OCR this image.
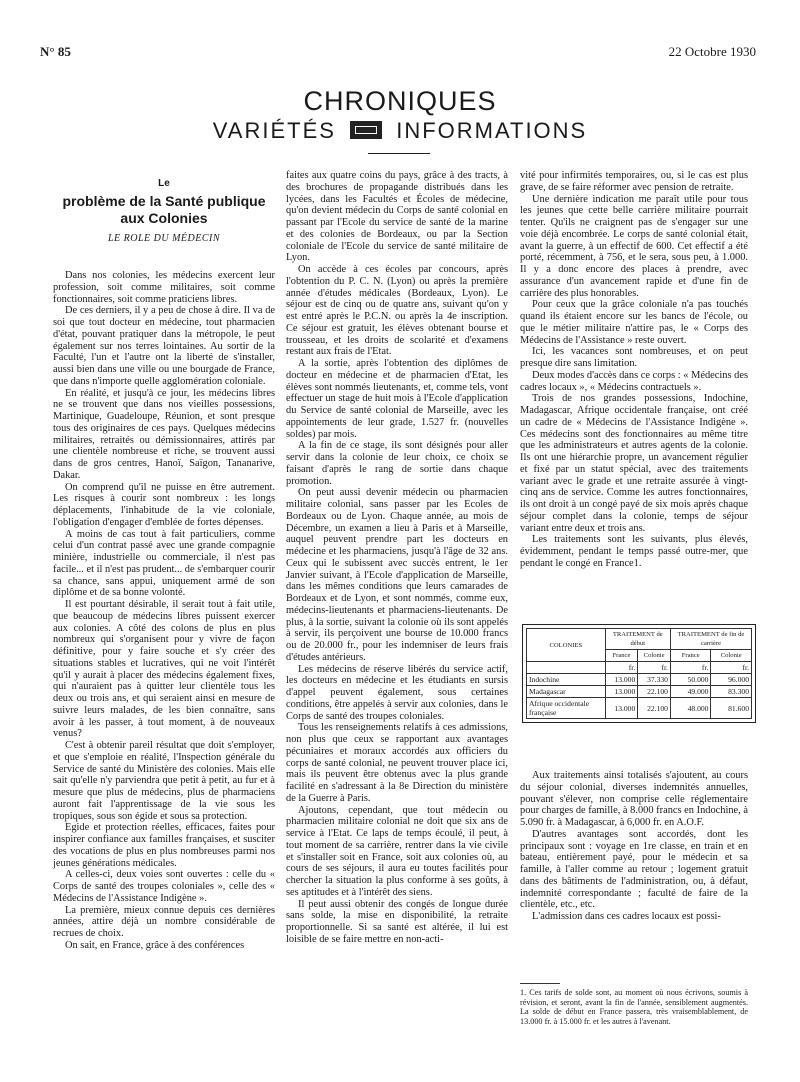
N° 85	22 Octobre 1930
CHRONIQUES
VARIÉTÉS	INFORMATIONS
Le
problème de la Santé publique aux Colonies
LE ROLE DU MÉDECIN

Dans nos colonies, les médecins exercent leur profession, soit comme militaires, soit comme fonctionnaires, soit comme praticiens libres.

De ces derniers, il y a peu de chose à dire. Il va de soi que tout docteur en médecine, tout pharmacien d'état, pouvant pratiquer dans la métropole, le peut également sur nos terres lointaines. Au sortir de la Faculté, l'un et l'autre ont la liberté de s'installer, aussi bien dans une ville ou une bourgade de France, que dans n'importe quelle agglomération coloniale.

En réalité, et jusqu'à ce jour, les médecins libres ne se trouvent que dans nos vieilles possessions, Martinique, Guadeloupe, Réunion, et sont presque tous des originaires de ces pays. Quelques médecins militaires, retraités ou démissionnaires, attirés par une clientèle nombreuse et riche, se trouvent aussi dans de gros centres, Hanoï, Saïgon, Tananarive, Dakar.

On comprend qu'il ne puisse en être autrement. Les risques à courir sont nombreux : les longs déplacements, l'inhabitude de la vie coloniale, l'obligation d'engager d'emblée de fortes dépenses.

A moins de cas tout à fait particuliers, comme celui d'un contrat passé avec une grande compagnie minière, industrielle ou commerciale, il n'est pas facile... et il n'est pas prudent... de s'embarquer courir sa chance, sans appui, uniquement armé de son diplôme et de sa bonne volonté.

Il est pourtant désirable, il serait tout à fait utile, que beaucoup de médecins libres puissent exercer aux colonies. A côté des colons de plus en plus nombreux qui s'organisent pour y vivre de façon définitive, pour y faire souche et s'y créer des situations stables et lucratives, qui ne voit l'intérêt qu'il y aurait à placer des médecins également fixes, qui n'auraient pas à quitter leur clientèle tous les deux ou trois ans, et qui seraient ainsi en mesure de suivre leurs malades, de les bien connaître, sans avoir à les passer, à tout moment, à de nouveaux venus?

C'est à obtenir pareil résultat que doit s'employer, et que s'emploie en réalité, l'Inspection générale du Service de santé du Ministère des colonies. Mais elle sait qu'elle n'y parviendra que petit à petit, au fur et à mesure que plus de médecins, plus de pharmaciens auront fait l'apprentissage de la vie sous les tropiques, sous son égide et sous sa protection.

Egide et protection réelles, efficaces, faites pour inspirer confiance aux familles françaises, et susciter des vocations de plus en plus nombreuses parmi nos jeunes générations médicales.

A celles-ci, deux voies sont ouvertes : celle du « Corps de santé des troupes coloniales », celle des « Médecins de l'Assistance Indigène ».

La première, mieux connue depuis ces dernières années, attire déjà un nombre considérable de recrues de choix.

On sait, en France, grâce à des conférences

faites aux quatre coins du pays, grâce à des tracts, à des brochures de propagande distribués dans les lycées, dans les Facultés et Écoles de médecine, qu'on devient médecin du Corps de santé colonial en passant par l'Ecole du service de santé de la marine et des colonies de Bordeaux, ou par la Section coloniale de l'Ecole du service de santé militaire de Lyon.

On accède à ces écoles par concours, après l'obtention du P. C. N. (Lyon) ou après la première année d'études médicales (Bordeaux, Lyon). Le séjour est de cinq ou de quatre ans, suivant qu'on y est entré après le P.C.N. ou après la 4e inscription. Ce séjour est gratuit, les élèves obtenant bourse et trousseau, et les droits de scolarité et d'examens restant aux frais de l'Etat.

A la sortie, après l'obtention des diplômes de docteur en médecine et de pharmacien d'Etat, les élèves sont nommés lieutenants, et, comme tels, vont effectuer un stage de huit mois à l'Ecole d'application du Service de santé colonial de Marseille, avec les appointements de leur grade, 1.527 fr. (nouvelles soldes) par mois.

A la fin de ce stage, ils sont désignés pour aller servir dans la colonie de leur choix, ce choix se faisant d'après le rang de sortie dans chaque promotion.

On peut aussi devenir médecin ou pharmacien militaire colonial, sans passer par les Ecoles de Bordeaux ou de Lyon. Chaque année, au mois de Décembre, un examen a lieu à Paris et à Marseille, auquel peuvent prendre part les docteurs en médecine et les pharmaciens, jusqu'à l'âge de 32 ans. Ceux qui le subissent avec succès entrent, le 1er Janvier suivant, à l'Ecole d'application de Marseille, dans les mêmes conditions que leurs camarades de Bordeaux et de Lyon, et sont nommés, comme eux, médecins-lieutenants et pharmaciens-lieutenants. De plus, à la sortie, suivant la colonie où ils sont appelés à servir, ils perçoivent une bourse de 10.000 francs ou de 20.000 fr., pour les indemniser de leurs frais d'études antérieurs.

Les médecins de réserve libérés du service actif, les docteurs en médecine et les étudiants en sursis d'appel peuvent également, sous certaines conditions, être appelés à servir aux colonies, dans le Corps de santé des troupes coloniales.

Tous les renseignements relatifs à ces admissions, non plus que ceux se rapportant aux avantages pécuniaires et moraux accordés aux officiers du corps de santé colonial, ne peuvent trouver place ici, mais ils peuvent être obtenus avec la plus grande facilité en s'adressant à la 8e Direction du ministère de la Guerre à Paris.

Ajoutons, cependant, que tout médecin ou pharmacien militaire colonial ne doit que six ans de service à l'Etat. Ce laps de temps écoulé, il peut, à tout moment de sa carrière, rentrer dans la vie civile et s'installer soit en France, soit aux colonies où, au cours de ses séjours, il aura eu toutes facilités pour chercher la situation la plus conforme à ses goûts, à ses aptitudes et à l'intérêt des siens.

Il peut aussi obtenir des congés de longue durée sans solde, la mise en disponibilité, la retraite proportionnelle. Si sa santé est altérée, il lui est loisible de se faire mettre en non-acti-

vité pour infirmités temporaires, ou, si le cas est plus grave, de se faire réformer avec pension de retraite.

Une dernière indication me paraît utile pour tous les jeunes que cette belle carrière militaire pourrait tenter. Qu'ils ne craignent pas de s'engager sur une voie déjà encombrée. Le corps de santé colonial était, avant la guerre, à un effectif de 600. Cet effectif a été porté, récemment, à 756, et le sera, sous peu, à 1.000. Il y a donc encore des places à prendre, avec assurance d'un avancement rapide et d'une fin de carrière des plus honorables.

Pour ceux que la grâce coloniale n'a pas touchés quand ils étaient encore sur les bancs de l'école, ou que le métier militaire n'attire pas, le « Corps des Médecins de l'Assistance » reste ouvert.

Ici, les vacances sont nombreuses, et on peut presque dire sans limitation.

Deux modes d'accès dans ce corps : « Médecins des cadres locaux », « Médecins contractuels ».

Trois de nos grandes possessions, Indochine, Madagascar, Afrique occidentale française, ont créé un cadre de « Médecins de l'Assistance Indigène ». Ces médecins sont des fonctionnaires au même titre que les administrateurs et autres agents de la colonie. Ils ont une hiérarchie propre, un avancement régulier et fixé par un statut spécial, avec des traitements variant avec le grade et une retraite assurée à vingt-cinq ans de service. Comme les autres fonctionnaires, ils ont droit à un congé payé de six mois après chaque séjour complet dans la colonie, temps de séjour variant entre deux et trois ans.

Les traitements sont les suivants, plus élevés, évidemment, pendant le temps passé outre-mer, que pendant le congé en France1.

COLONIES	TRAITEMENT de début		TRAITEMENT de fin de carrière	
	France	Colonie	France	Colonie
	fr.	fr.	fr.	fr.
Indochine	13.000	37.330	50.000	96.000
Madagascar	13.000	22.100	49.000	83.300
Afrique occidentale française	13.000	22.100	48.000	81.600

Aux traitements ainsi totalisés s'ajoutent, au cours du séjour colonial, diverses indemnités annuelles, pouvant s'élever, non comprise celle réglementaire pour charges de famille, à 8.000 francs en Indochine, à 5.090 fr. à Madagascar, à 6,000 fr. en A.O.F.

D'autres avantages sont accordés, dont les principaux sont : voyage en 1re classe, en train et en bateau, entièrement payé, pour le médecin et sa famille, à l'aller comme au retour ; logement gratuit dans des bâtiments de l'administration, ou, à défaut, indemnité correspondante ; faculté de faire de la clientèle, etc., etc.

L'admission dans ces cadres locaux est possi-

1. Ces tarifs de solde sont, au moment où nous écrivons, soumis à révision, et seront, avant la fin de l'année, sensiblement augmentés. La solde de début en France passera, très vraisemblablement, de 13.000 fr. à 15.000 fr. et les autres à l'avenant.
